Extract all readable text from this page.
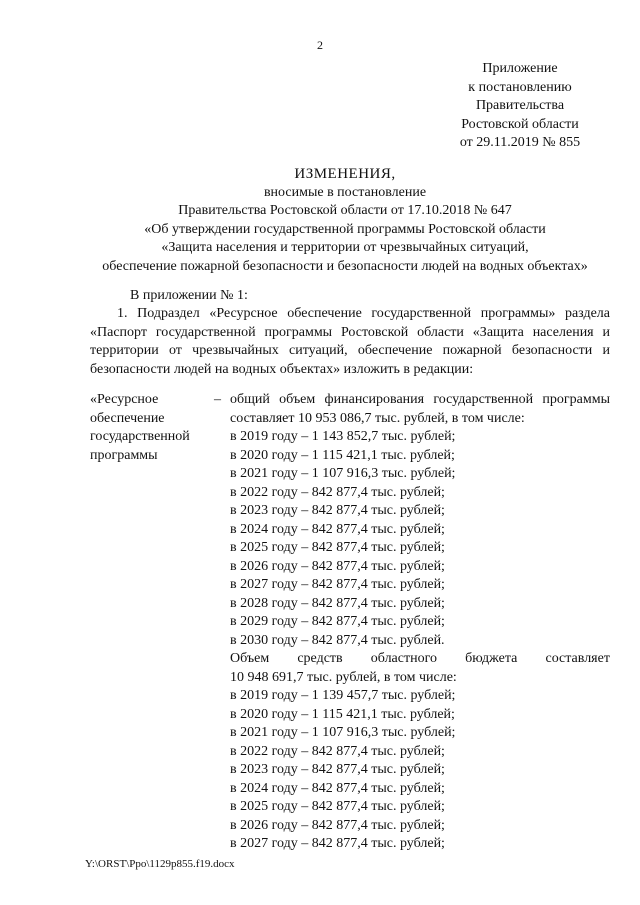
2
Приложение
к постановлению
Правительства
Ростовской области
от 29.11.2019 № 855
ИЗМЕНЕНИЯ,
вносимые в постановление
Правительства Ростовской области от 17.10.2018 № 647
«Об утверждении государственной программы Ростовской области
«Защита населения и территории от чрезвычайных ситуаций,
обеспечение пожарной безопасности и безопасности людей на водных объектах»
В приложении № 1:
1. Подраздел «Ресурсное обеспечение государственной программы» раздела «Паспорт государственной программы Ростовской области «Защита населения и территории от чрезвычайных ситуаций, обеспечение пожарной безопасности и безопасности людей на водных объектах» изложить в редакции:
«Ресурсное
обеспечение
государственной
программы
– общий объем финансирования государственной программы составляет 10 953 086,7 тыс. рублей, в том числе:
в 2019 году – 1 143 852,7 тыс. рублей;
в 2020 году – 1 115 421,1 тыс. рублей;
в 2021 году – 1 107 916,3 тыс. рублей;
в 2022 году – 842 877,4 тыс. рублей;
в 2023 году – 842 877,4 тыс. рублей;
в 2024 году – 842 877,4 тыс. рублей;
в 2025 году – 842 877,4 тыс. рублей;
в 2026 году – 842 877,4 тыс. рублей;
в 2027 году – 842 877,4 тыс. рублей;
в 2028 году – 842 877,4 тыс. рублей;
в 2029 году – 842 877,4 тыс. рублей;
в 2030 году – 842 877,4 тыс. рублей.
Объем средств областного бюджета составляет
10 948 691,7 тыс. рублей, в том числе:
в 2019 году – 1 139 457,7 тыс. рублей;
в 2020 году – 1 115 421,1 тыс. рублей;
в 2021 году – 1 107 916,3 тыс. рублей;
в 2022 году – 842 877,4 тыс. рублей;
в 2023 году – 842 877,4 тыс. рублей;
в 2024 году – 842 877,4 тыс. рублей;
в 2025 году – 842 877,4 тыс. рублей;
в 2026 году – 842 877,4 тыс. рублей;
в 2027 году – 842 877,4 тыс. рублей;
Y:\ORST\Ppo\1129p855.f19.docx
